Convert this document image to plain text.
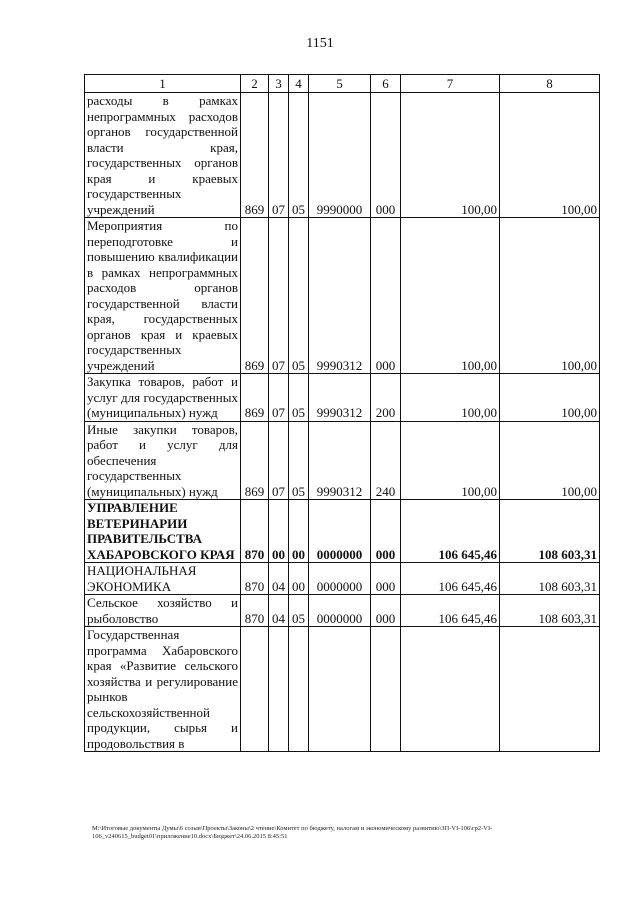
1151
1	2	3	4	5	6	7	8
расходы в рамках непрограммных расходов органов государственной власти края, государственных органов края и краевых государственных учреждений	869	07	05	9990000	000	100,00	100,00
Мероприятия по переподготовке и повышению квалификации в рамках непрограммных расходов органов государственной власти края, государственных органов края и краевых государственных учреждений	869	07	05	9990312	000	100,00	100,00
Закупка товаров, работ и услуг для государственных (муниципальных) нужд	869	07	05	9990312	200	100,00	100,00
Иные закупки товаров, работ и услуг для обеспечения государственных (муниципальных) нужд	869	07	05	9990312	240	100,00	100,00
УПРАВЛЕНИЕ ВЕТЕРИНАРИИ ПРАВИТЕЛЬСТВА ХАБАРОВСКОГО КРАЯ	870	00	00	0000000	000	106 645,46	108 603,31
НАЦИОНАЛЬНАЯ ЭКОНОМИКА	870	04	00	0000000	000	106 645,46	108 603,31
Сельское хозяйство и рыболовство	870	04	05	0000000	000	106 645,46	108 603,31
Государственная программа Хабаровского края «Развитие сельского хозяйства и регулирование рынков сельскохозяйственной продукции, сырья и продовольствия в							
M:\Итоговые документы Думы\6 созыв\Проекты\Законы\2 чтение\Комитет по бюджету, налогам и экономическому развитию\ЗП-VI-106\гр2-VI-
106_v240615_budget01\приложение10.docx\Бюджет\24.06.2015 8:45:51
